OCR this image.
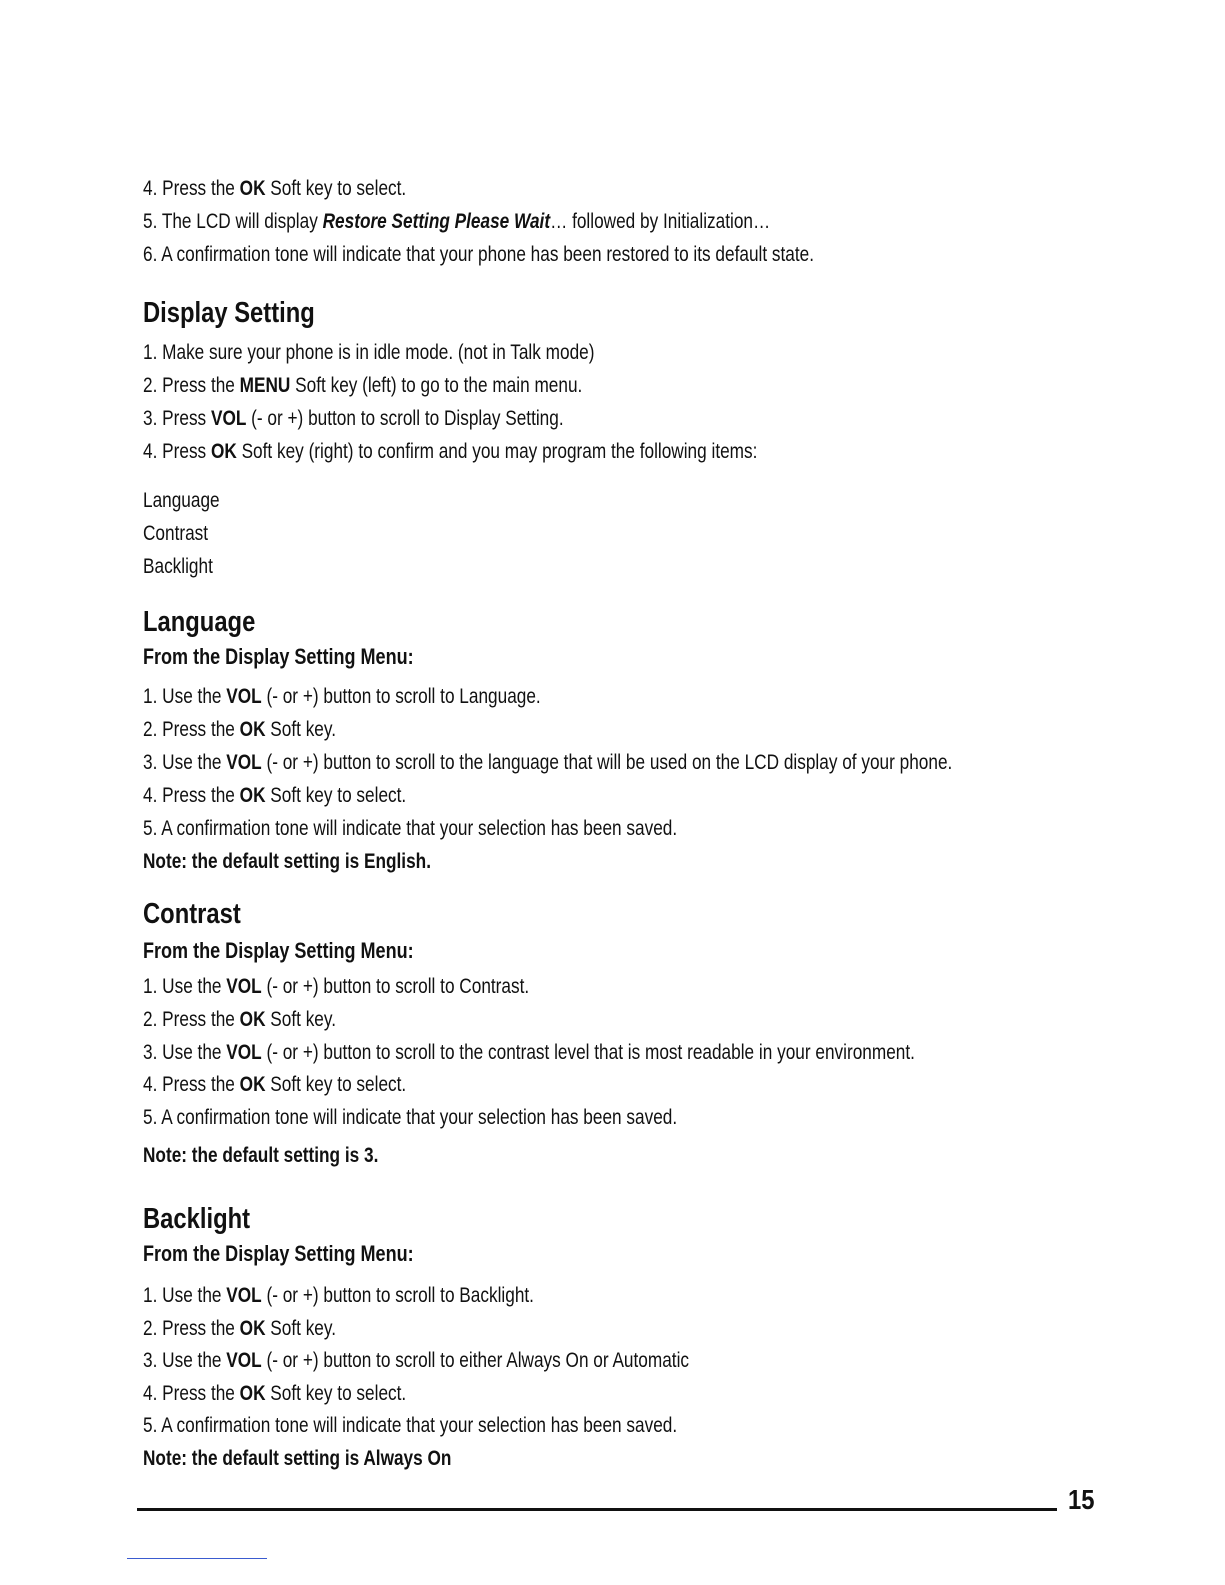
4. Press the OK Soft key to select.

5. The LCD will display Restore Setting Please Wait… followed by Initialization…

6. A confirmation tone will indicate that your phone has been restored to its default state.

Display Setting

1. Make sure your phone is in idle mode. (not in Talk mode)

2. Press the MENU Soft key (left) to go to the main menu.

3. Press VOL (- or +) button to scroll to Display Setting.

4. Press OK Soft key (right) to confirm and you may program the following items:

Language

Contrast

Backlight

Language
From the Display Setting Menu:

1. Use the VOL (- or +) button to scroll to Language.

2. Press the OK Soft key.

3. Use the VOL (- or +) button to scroll to the language that will be used on the LCD display of your phone.

4. Press the OK Soft key to select.

5. A confirmation tone will indicate that your selection has been saved.

Note: the default setting is English.

Contrast
From the Display Setting Menu:

1. Use the VOL (- or +) button to scroll to Contrast.

2. Press the OK Soft key.

3. Use the VOL (- or +) button to scroll to the contrast level that is most readable in your environment.

4. Press the OK Soft key to select.

5. A confirmation tone will indicate that your selection has been saved.

Note: the default setting is 3.

Backlight
From the Display Setting Menu:

1. Use the VOL (- or +) button to scroll to Backlight.

2. Press the OK Soft key.

3. Use the VOL (- or +) button to scroll to either Always On or Automatic

4. Press the OK Soft key to select.

5. A confirmation tone will indicate that your selection has been saved.

Note: the default setting is Always On

15
